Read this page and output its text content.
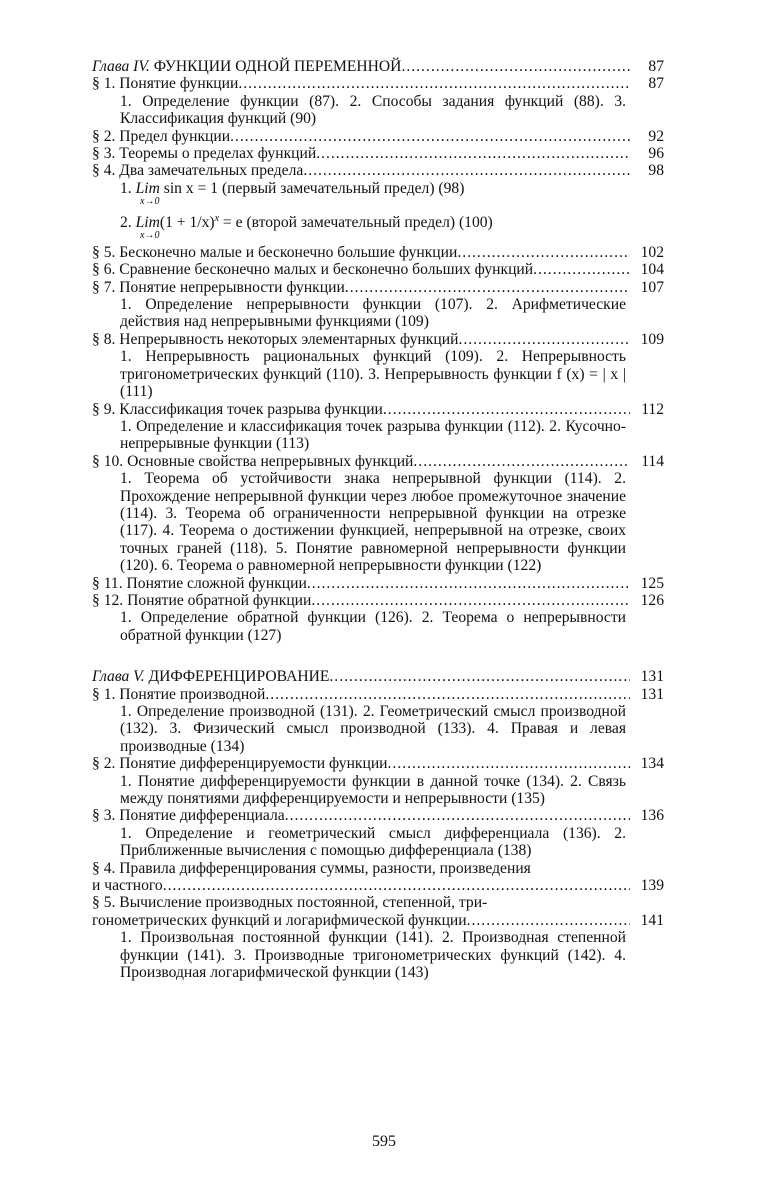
Глава IV. ФУНКЦИИ ОДНОЙ ПЕРЕМЕННОЙ .....	87
§ 1. Понятие функции .....	87
1. Определение функции (87). 2. Способы задания функций (88). 3. Классификация функций (90)
§ 2. Предел функции .....	92
§ 3. Теоремы о пределах функций .....	96
§ 4. Два замечательных предела .....	98
1. Lim sin x = 1 (первый замечательный предел) (98)
x→0
2. $Lim(1 + 1/x)^x = e$ (второй замечательный предел) (100)
x→0
§ 5. Бесконечно малые и бесконечно большие функции .....	102
§ 6. Сравнение бесконечно малых и бесконечно больших функций .....	104
§ 7. Понятие непрерывности функции .....	107
1. Определение непрерывности функции (107). 2. Арифметические действия над непрерывными функциями (109)
§ 8. Непрерывность некоторых элементарных функций .....	109
1. Непрерывность рациональных функций (109). 2. Непрерывность тригонометрических функций (110). 3. Непрерывность функции f (x) = | x | (111)
§ 9. Классификация точек разрыва функции .....	112
1. Определение и классификация точек разрыва функции (112). 2. Кусочно-непрерывные функции (113)
§ 10. Основные свойства непрерывных функций .....	114
1. Теорема об устойчивости знака непрерывной функции (114). 2. Прохождение непрерывной функции через любое промежуточное значение (114). 3. Теорема об ограниченности непрерывной функции на отрезке (117). 4. Теорема о достижении функцией, непрерывной на отрезке, своих точных граней (118). 5. Понятие равномерной непрерывности функции (120). 6. Теорема о равномерной непрерывности функции (122)
§ 11. Понятие сложной функции .....	125
§ 12. Понятие обратной функции .....	126
1. Определение обратной функции (126). 2. Теорема о непрерывности обратной функции (127)
Глава V. ДИФФЕРЕНЦИРОВАНИЕ .....	131
§ 1. Понятие производной .....	131
1. Определение производной (131). 2. Геометрический смысл производной (132). 3. Физический смысл производной (133). 4. Правая и левая производные (134)
§ 2. Понятие дифференцируемости функции .....	134
1. Понятие дифференцируемости функции в данной точке (134). 2. Связь между понятиями дифференцируемости и непрерывности (135)
§ 3. Понятие дифференциала .....	136
1. Определение и геометрический смысл дифференциала (136). 2. Приближенные вычисления с помощью дифференциала (138)
§ 4. Правила дифференцирования суммы, разности, произведения
и частного .....	139
§ 5. Вычисление производных постоянной, степенной, три-
гонометрических функций и логарифмической функции .....	141
1. Произвольная постоянной функции (141). 2. Производная степенной функции (141). 3. Производные тригонометрических функций (142). 4. Производная логарифмической функции (143)
595
